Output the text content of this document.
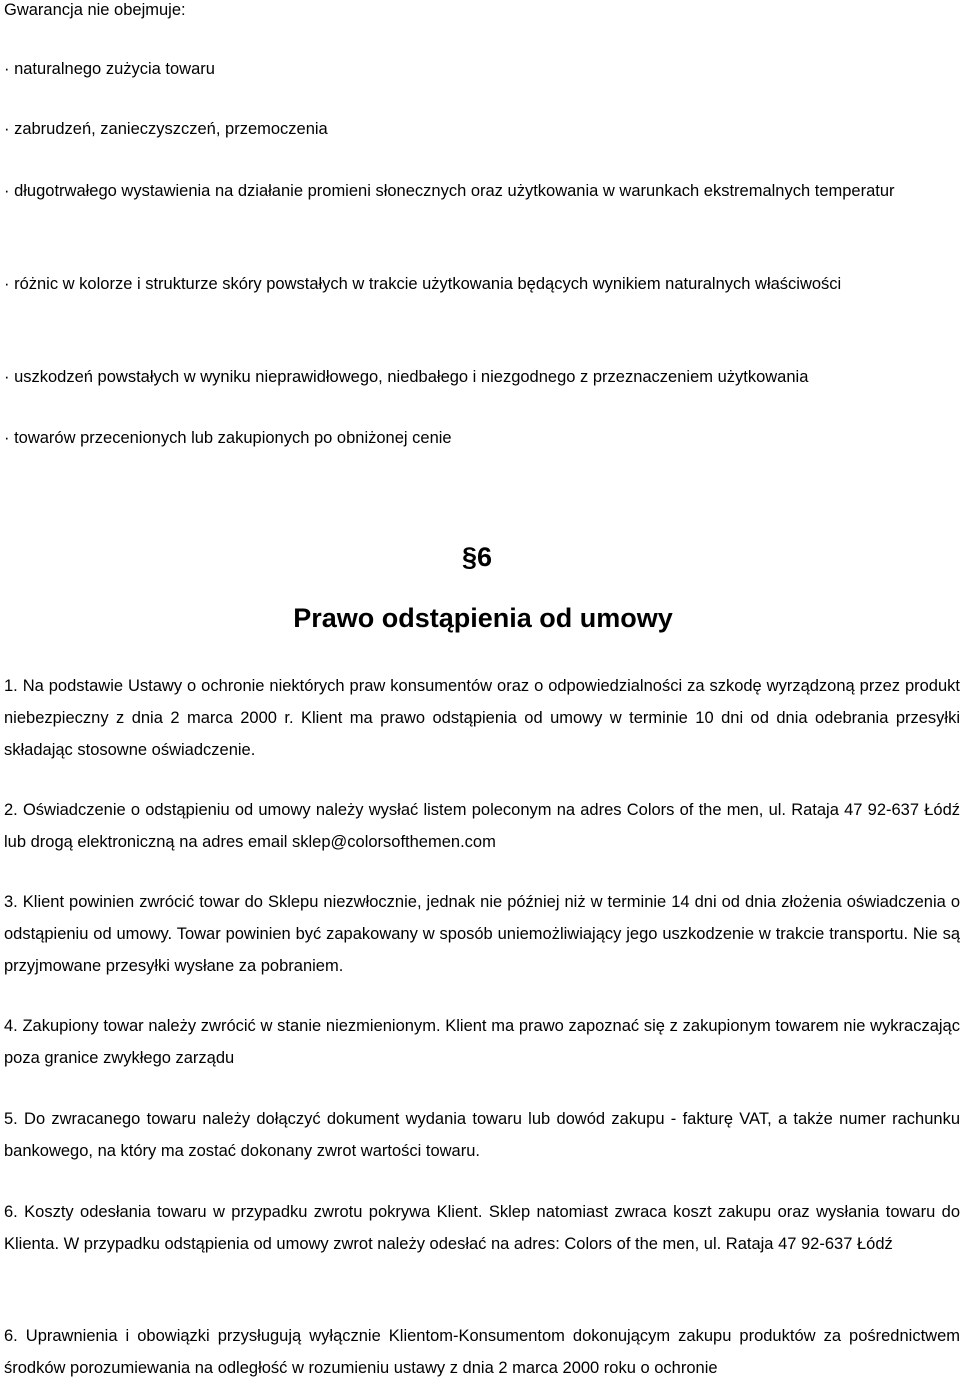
Gwarancja nie obejmuje:
· naturalnego zużycia towaru
· zabrudzeń, zanieczyszczeń, przemoczenia
· długotrwałego wystawienia na działanie promieni słonecznych oraz użytkowania w warunkach ekstremalnych temperatur
· różnic w kolorze i strukturze skóry powstałych w trakcie użytkowania będących wynikiem naturalnych właściwości
· uszkodzeń powstałych w wyniku nieprawidłowego, niedbałego i niezgodnego z przeznaczeniem użytkowania
· towarów przecenionych lub zakupionych po obniżonej cenie
§6
Prawo odstąpienia od umowy
1. Na podstawie Ustawy o ochronie niektórych praw konsumentów oraz o odpowiedzialności za szkodę wyrządzoną przez produkt niebezpieczny z dnia 2 marca 2000 r. Klient ma prawo odstąpienia od umowy w terminie 10 dni od dnia odebrania przesyłki składając stosowne oświadczenie.
2. Oświadczenie o odstąpieniu od umowy należy wysłać listem poleconym na adres Colors of the men, ul. Rataja 47 92-637 Łódź lub drogą elektroniczną na adres email sklep@colorsofthemen.com
3. Klient powinien zwrócić towar do Sklepu niezwłocznie, jednak nie później niż w terminie 14 dni od dnia złożenia oświadczenia o odstąpieniu od umowy. Towar powinien być zapakowany w sposób uniemożliwiający jego uszkodzenie w trakcie transportu. Nie są przyjmowane przesyłki wysłane za pobraniem.
4. Zakupiony towar należy zwrócić w stanie niezmienionym. Klient ma prawo zapoznać się z zakupionym towarem nie wykraczając poza granice zwykłego zarządu
5. Do zwracanego towaru należy dołączyć dokument wydania towaru lub dowód zakupu - fakturę VAT, a także numer rachunku bankowego, na który ma zostać dokonany zwrot wartości towaru.
6. Koszty odesłania towaru w przypadku zwrotu pokrywa Klient. Sklep natomiast zwraca koszt zakupu oraz wysłania towaru do Klienta. W przypadku odstąpienia od umowy zwrot należy odesłać na adres: Colors of the men, ul. Rataja 47 92-637 Łódź
6. Uprawnienia i obowiązki przysługują wyłącznie Klientom-Konsumentom dokonującym zakupu produktów za pośrednictwem środków porozumiewania na odległość w rozumieniu ustawy z dnia 2 marca 2000 roku o ochronie
